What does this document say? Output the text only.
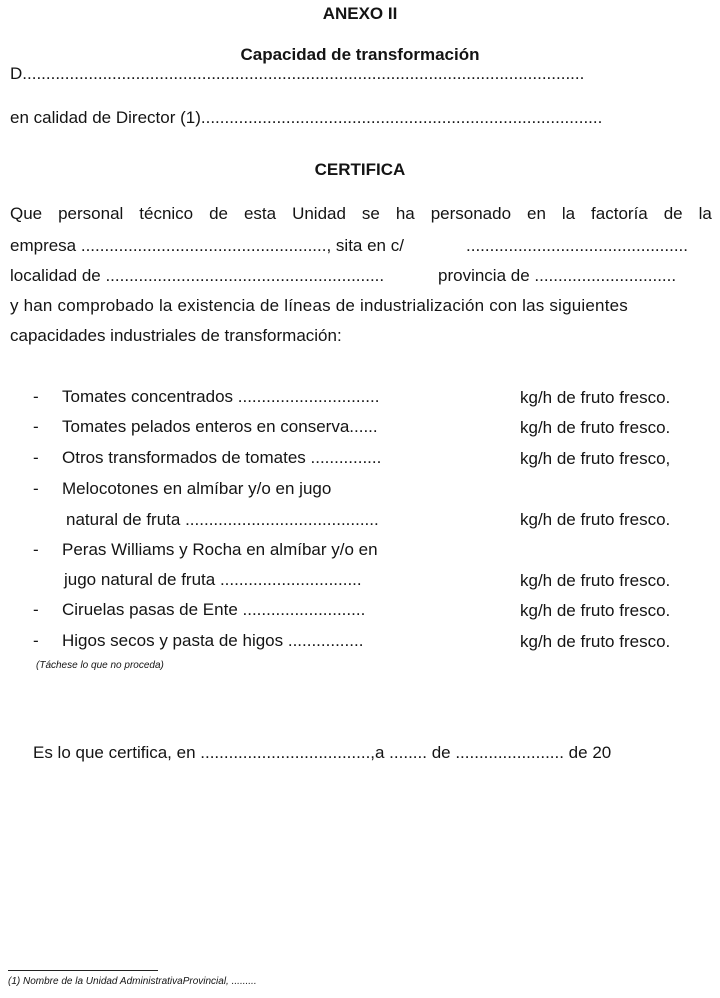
ANEXO II
Capacidad de transformación
D.......................................................................................................................
en calidad de Director (1).....................................................................................
CERTIFICA
Que personal técnico de esta Unidad se ha personado en la factoría de la
empresa ...................................................., sita en c/	...............................................
localidad de ...........................................................	provincia de ..............................
y han comprobado la existencia de líneas de industrialización con las siguientes
capacidades industriales de transformación:
- Tomates concentrados ..............................	kg/h de fruto fresco.
- Tomates pelados enteros en conserva......	kg/h de fruto fresco.
- Otros transformados de tomates ...............	kg/h de fruto fresco,
- Melocotones en almíbar y/o en jugo
natural de fruta .........................................	kg/h de fruto fresco.
- Peras Williams y Rocha en almíbar y/o en
jugo natural de fruta ..............................	kg/h de fruto fresco.
- Ciruelas pasas de Ente ..........................	kg/h de fruto fresco.
- Higos secos y pasta de higos ................	kg/h de fruto fresco.
(Táchese lo que no proceda)
Es lo que certifica, en ....................................,a ........ de ....................... de 20
(1) Nombre de la Unidad AdministrativaProvincial, .........
